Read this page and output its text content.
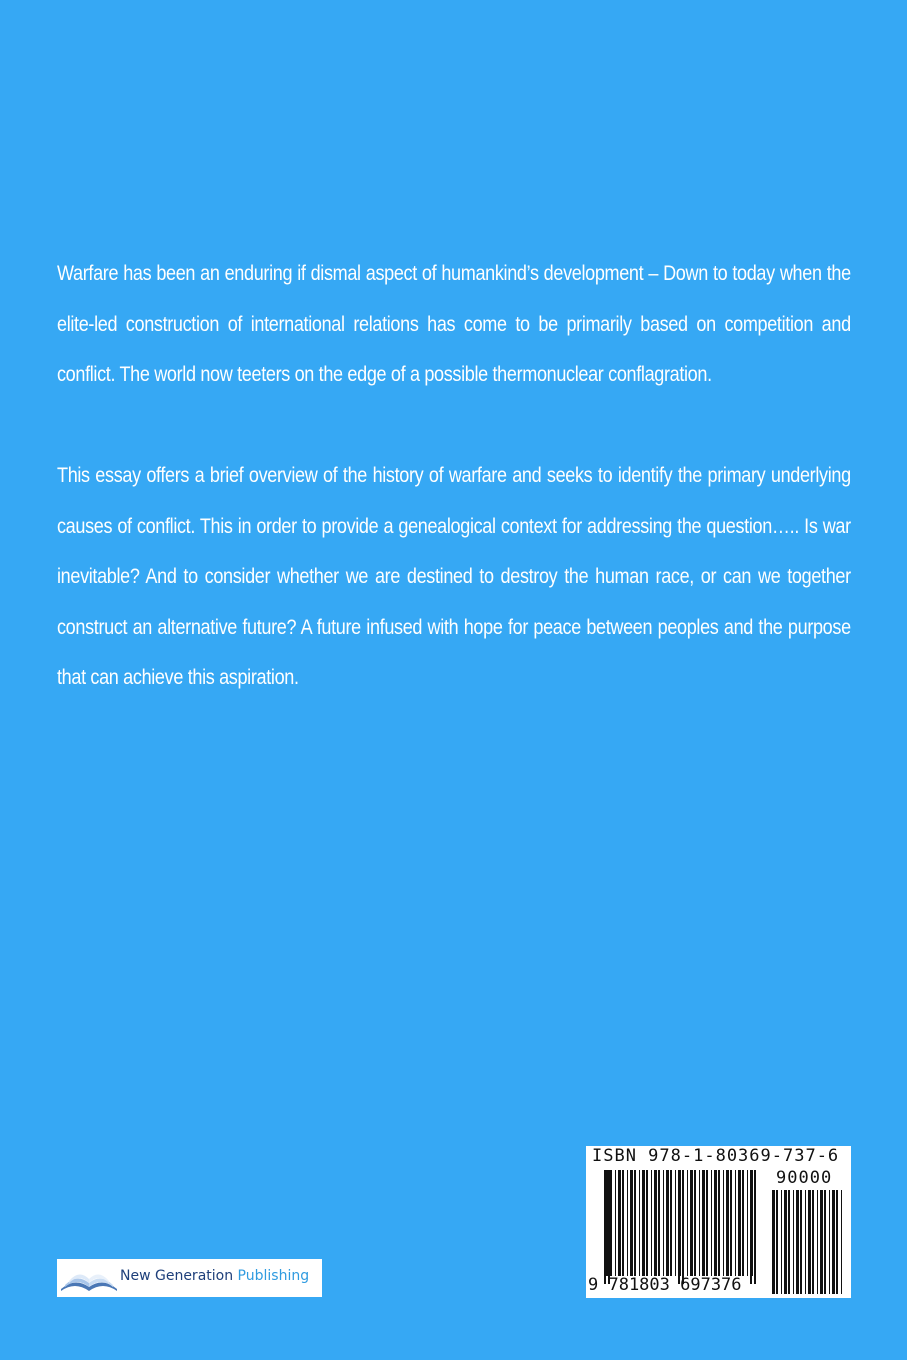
Warfare has been an enduring if dismal aspect of humankind’s development – Down to today when the elite-led construction of international relations has come to be primarily based on competition and conflict. The world now teeters on the edge of a possible thermonuclear conflagration.
This essay offers a brief overview of the history of warfare and seeks to identify the primary underlying causes of conflict. This in order to provide a genealogical context for addressing the question….. Is war inevitable? And to consider whether we are destined to destroy the human race, or can we together construct an alternative future? A future infused with hope for peace between peoples and the purpose that can achieve this aspiration.
ISBN 978-1-80369-737-6
90000
9 781803 697376
New Generation Publishing
